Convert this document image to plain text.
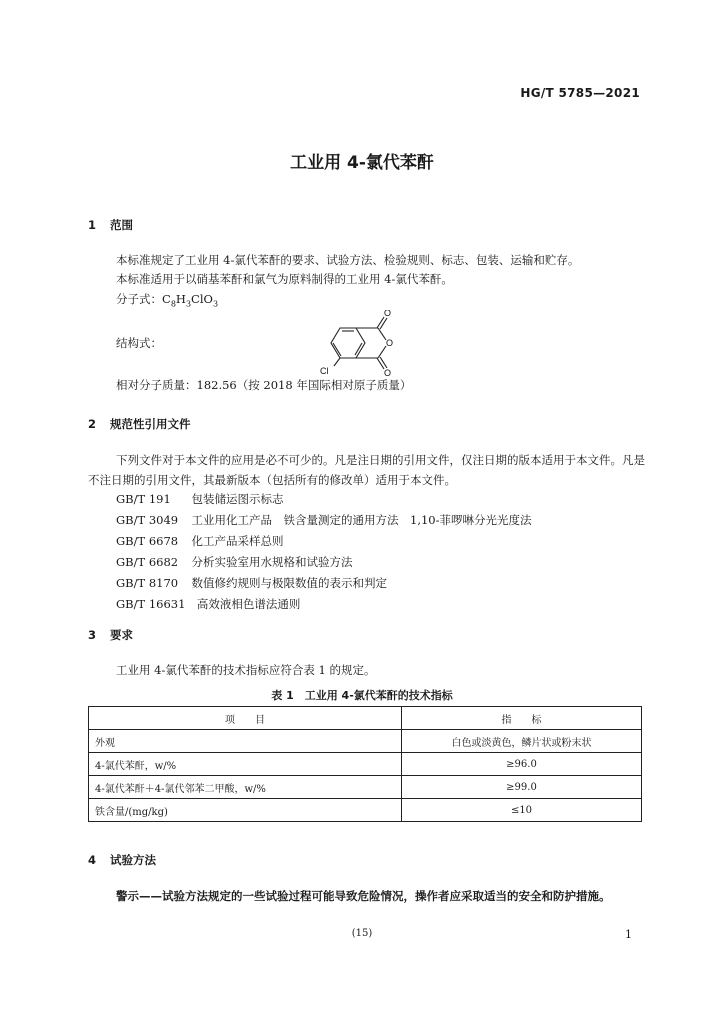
HG/T 5785—2021
工业用 4-氯代苯酐
1 范围
本标准规定了工业用 4-氯代苯酐的要求、试验方法、检验规则、标志、包装、运输和贮存。
本标准适用于以硝基苯酐和氯气为原料制得的工业用 4-氯代苯酐。
分子式：$C_8H_3ClO_3$
结构式：
O
O
O
Cl
相对分子质量：182.56（按 2018 年国际相对原子质量）
2 规范性引用文件
下列文件对于本文件的应用是必不可少的。凡是注日期的引用文件，仅注日期的版本适用于本文件。凡是不注日期的引用文件，其最新版本（包括所有的修改单）适用于本文件。
GB/T 191  包装储运图示标志
GB/T 3049  工业用化工产品　铁含量测定的通用方法　1,10-菲啰啉分光光度法
GB/T 6678  化工产品采样总则
GB/T 6682  分析实验室用水规格和试验方法
GB/T 8170  数值修约规则与极限数值的表示和判定
GB/T 16631  高效液相色谱法通则
3 要求
工业用 4-氯代苯酐的技术指标应符合表 1 的规定。
表 1　工业用 4-氯代苯酐的技术指标
项　　目	指　　标
外观	白色或淡黄色，鳞片状或粉末状
4-氯代苯酐，w/%	≥96.0
4-氯代苯酐＋4-氯代邻苯二甲酸，w/%	≥99.0
铁含量/(mg/kg)	≤10
4 试验方法
警示——试验方法规定的一些试验过程可能导致危险情况，操作者应采取适当的安全和防护措施。
(15)	1
